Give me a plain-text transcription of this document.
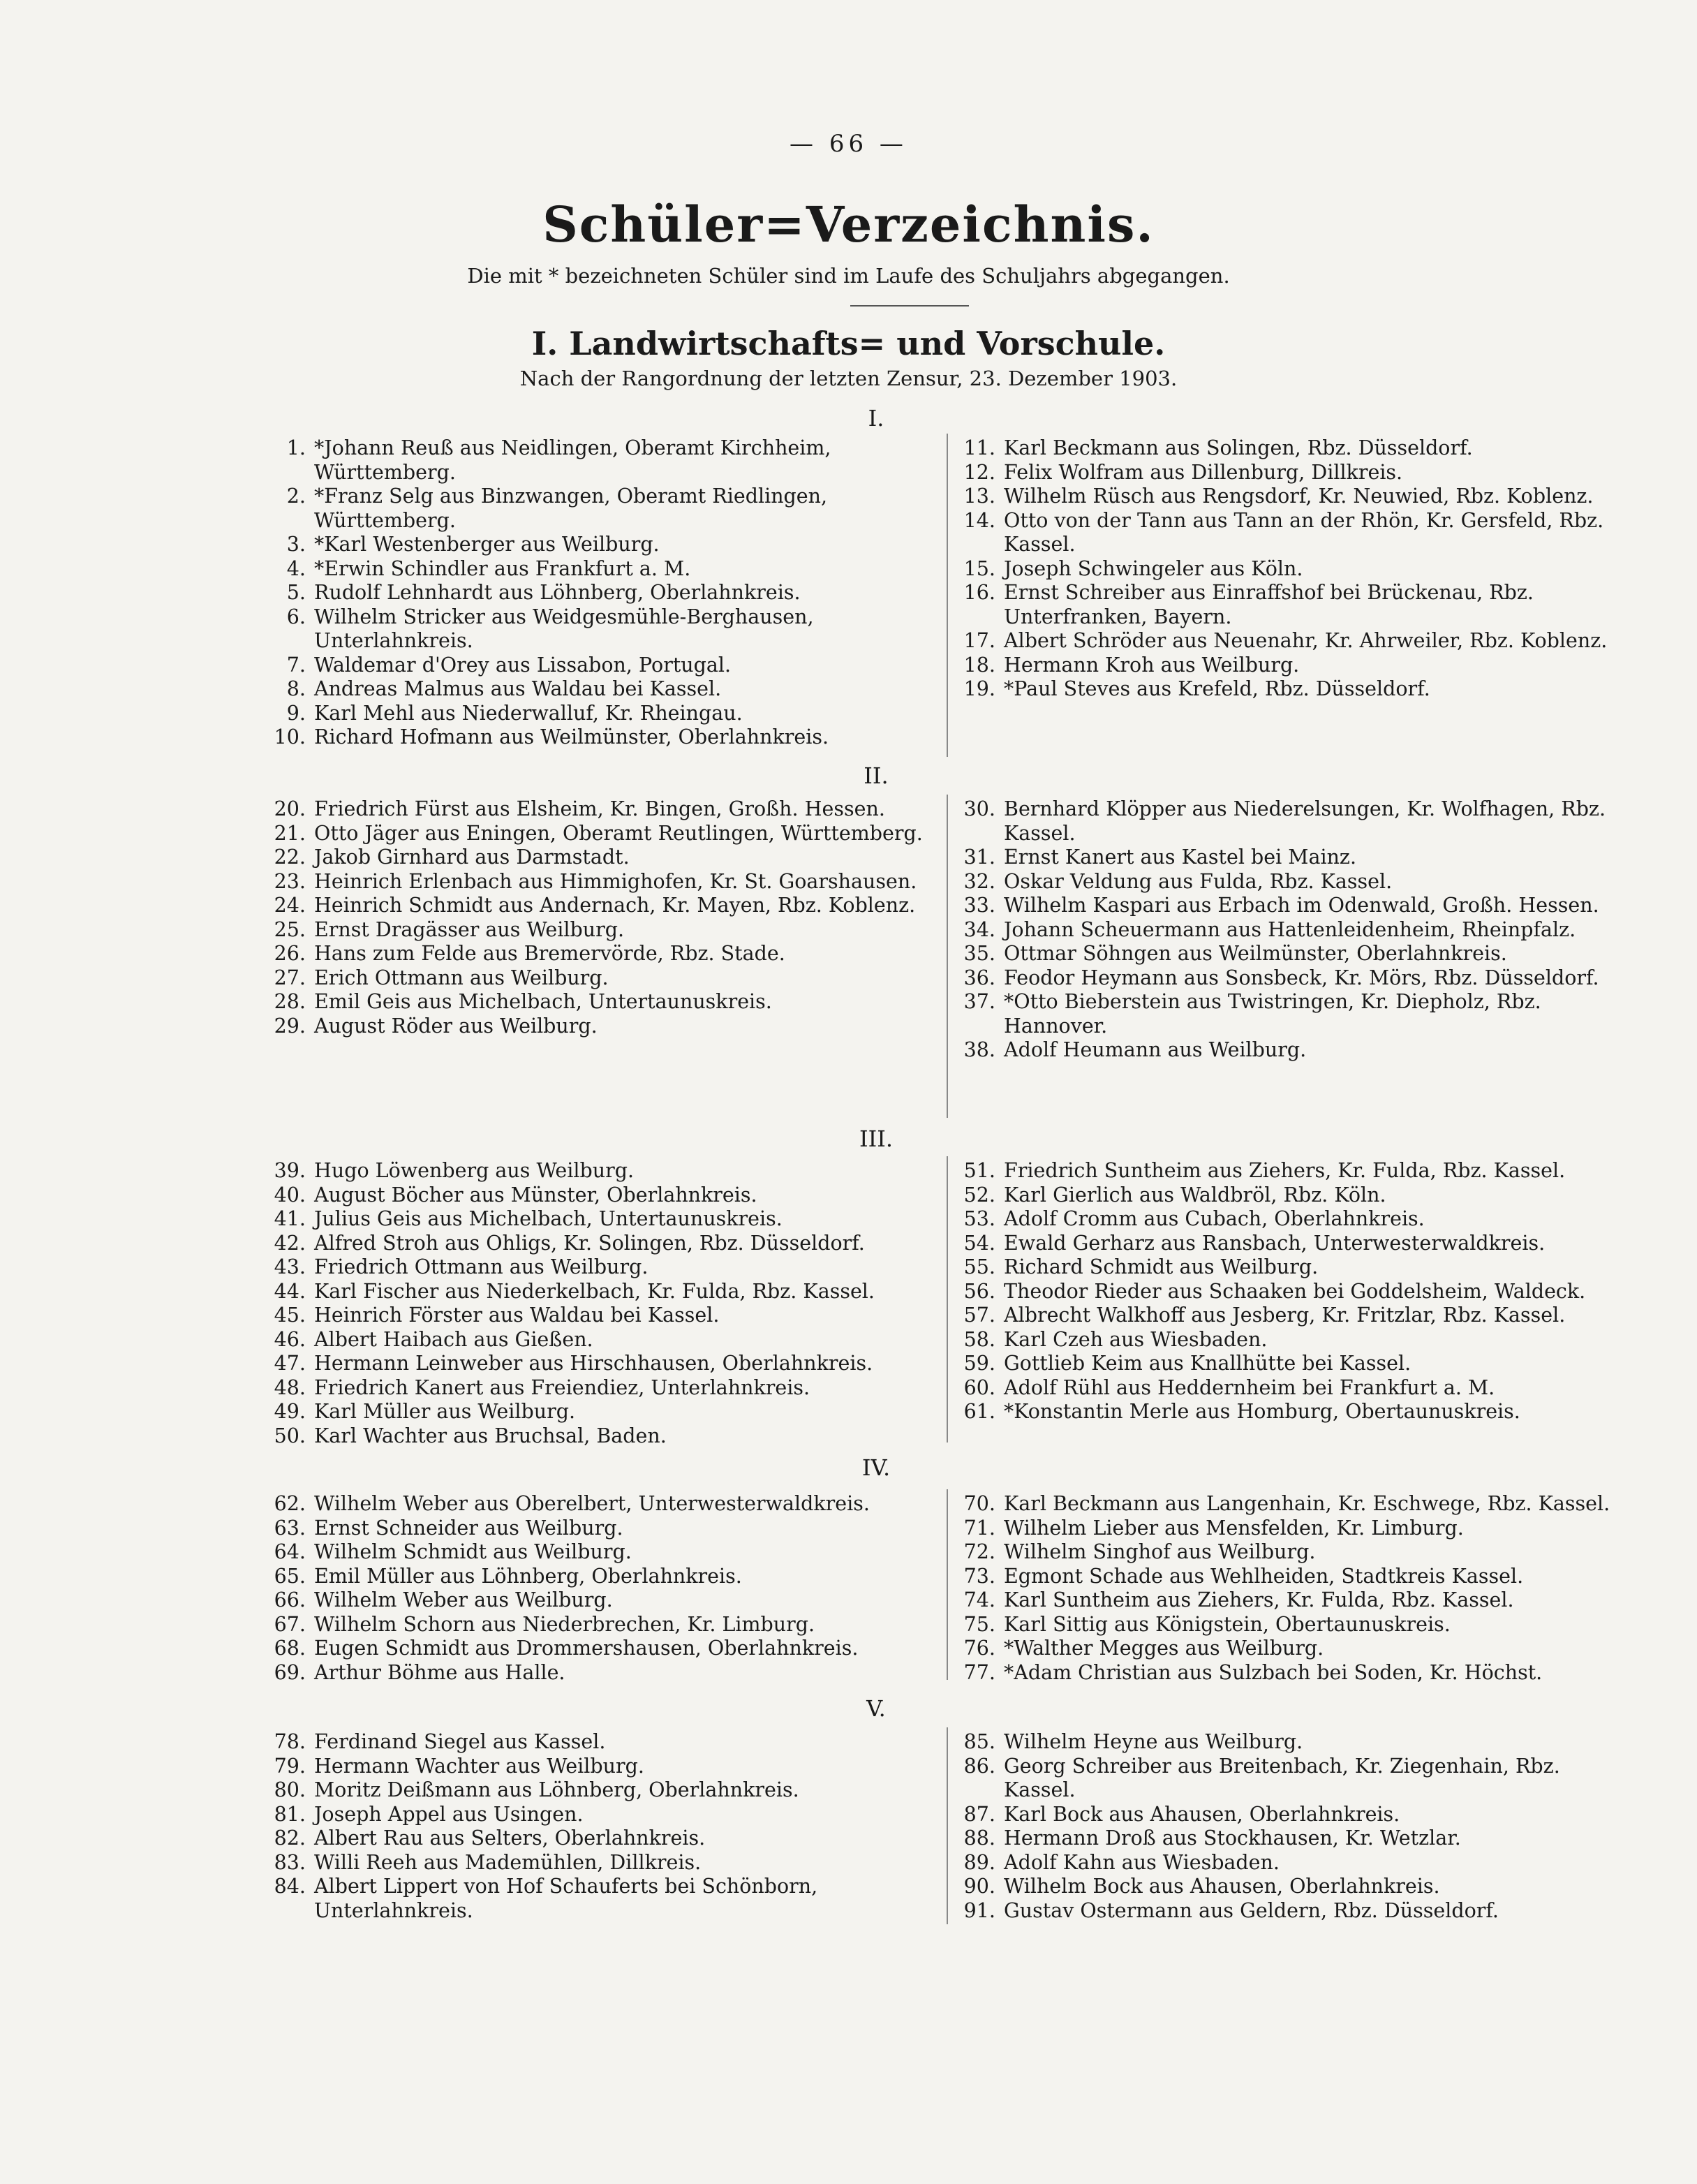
— 66 —
Schüler=Verzeichnis.
Die mit * bezeichneten Schüler sind im Laufe des Schuljahrs abgegangen.
I. Landwirtschafts= und Vorschule.
Nach der Rangordnung der letzten Zensur, 23. Dezember 1903.
I.
1. *Johann Reuß aus Neidlingen, Oberamt Kirchheim, Württemberg.
2. *Franz Selg aus Binzwangen, Oberamt Riedlingen, Württemberg.
3. *Karl Westenberger aus Weilburg.
4. *Erwin Schindler aus Frankfurt a. M.
5. Rudolf Lehnhardt aus Löhnberg, Oberlahnkreis.
6. Wilhelm Stricker aus Weidgesmühle-Berghausen, Unterlahnkreis.
7. Waldemar d'Orey aus Lissabon, Portugal.
8. Andreas Malmus aus Waldau bei Kassel.
9. Karl Mehl aus Niederwalluf, Kr. Rheingau.
10. Richard Hofmann aus Weilmünster, Oberlahnkreis.
11. Karl Beckmann aus Solingen, Rbz. Düsseldorf.
12. Felix Wolfram aus Dillenburg, Dillkreis.
13. Wilhelm Rüsch aus Rengsdorf, Kr. Neuwied, Rbz. Koblenz.
14. Otto von der Tann aus Tann an der Rhön, Kr. Gersfeld, Rbz. Kassel.
15. Joseph Schwingeler aus Köln.
16. Ernst Schreiber aus Einraffshof bei Brückenau, Rbz. Unterfranken, Bayern.
17. Albert Schröder aus Neuenahr, Kr. Ahrweiler, Rbz. Koblenz.
18. Hermann Kroh aus Weilburg.
19. *Paul Steves aus Krefeld, Rbz. Düsseldorf.
II.
20. Friedrich Fürst aus Elsheim, Kr. Bingen, Großh. Hessen.
21. Otto Jäger aus Eningen, Oberamt Reutlingen, Württemberg.
22. Jakob Girnhard aus Darmstadt.
23. Heinrich Erlenbach aus Himmighofen, Kr. St. Goarshausen.
24. Heinrich Schmidt aus Andernach, Kr. Mayen, Rbz. Koblenz.
25. Ernst Dragässer aus Weilburg.
26. Hans zum Felde aus Bremervörde, Rbz. Stade.
27. Erich Ottmann aus Weilburg.
28. Emil Geis aus Michelbach, Untertaunuskreis.
29. August Röder aus Weilburg.
30. Bernhard Klöpper aus Niederelsungen, Kr. Wolfhagen, Rbz. Kassel.
31. Ernst Kanert aus Kastel bei Mainz.
32. Oskar Veldung aus Fulda, Rbz. Kassel.
33. Wilhelm Kaspari aus Erbach im Odenwald, Großh. Hessen.
34. Johann Scheuermann aus Hattenleidenheim, Rheinpfalz.
35. Ottmar Söhngen aus Weilmünster, Oberlahnkreis.
36. Feodor Heymann aus Sonsbeck, Kr. Mörs, Rbz. Düsseldorf.
37. *Otto Bieberstein aus Twistringen, Kr. Diepholz, Rbz. Hannover.
38. Adolf Heumann aus Weilburg.
III.
39. Hugo Löwenberg aus Weilburg.
40. August Böcher aus Münster, Oberlahnkreis.
41. Julius Geis aus Michelbach, Untertaunuskreis.
42. Alfred Stroh aus Ohligs, Kr. Solingen, Rbz. Düsseldorf.
43. Friedrich Ottmann aus Weilburg.
44. Karl Fischer aus Niederkelbach, Kr. Fulda, Rbz. Kassel.
45. Heinrich Förster aus Waldau bei Kassel.
46. Albert Haibach aus Gießen.
47. Hermann Leinweber aus Hirschhausen, Oberlahnkreis.
48. Friedrich Kanert aus Freiendiez, Unterlahnkreis.
49. Karl Müller aus Weilburg.
50. Karl Wachter aus Bruchsal, Baden.
51. Friedrich Suntheim aus Ziehers, Kr. Fulda, Rbz. Kassel.
52. Karl Gierlich aus Waldbröl, Rbz. Köln.
53. Adolf Cromm aus Cubach, Oberlahnkreis.
54. Ewald Gerharz aus Ransbach, Unterwesterwaldkreis.
55. Richard Schmidt aus Weilburg.
56. Theodor Rieder aus Schaaken bei Goddelsheim, Waldeck.
57. Albrecht Walkhoff aus Jesberg, Kr. Fritzlar, Rbz. Kassel.
58. Karl Czeh aus Wiesbaden.
59. Gottlieb Keim aus Knallhütte bei Kassel.
60. Adolf Rühl aus Heddernheim bei Frankfurt a. M.
61. *Konstantin Merle aus Homburg, Obertaunuskreis.
IV.
62. Wilhelm Weber aus Oberelbert, Unterwesterwaldkreis.
63. Ernst Schneider aus Weilburg.
64. Wilhelm Schmidt aus Weilburg.
65. Emil Müller aus Löhnberg, Oberlahnkreis.
66. Wilhelm Weber aus Weilburg.
67. Wilhelm Schorn aus Niederbrechen, Kr. Limburg.
68. Eugen Schmidt aus Drommershausen, Oberlahnkreis.
69. Arthur Böhme aus Halle.
70. Karl Beckmann aus Langenhain, Kr. Eschwege, Rbz. Kassel.
71. Wilhelm Lieber aus Mensfelden, Kr. Limburg.
72. Wilhelm Singhof aus Weilburg.
73. Egmont Schade aus Wehlheiden, Stadtkreis Kassel.
74. Karl Suntheim aus Ziehers, Kr. Fulda, Rbz. Kassel.
75. Karl Sittig aus Königstein, Obertaunuskreis.
76. *Walther Megges aus Weilburg.
77. *Adam Christian aus Sulzbach bei Soden, Kr. Höchst.
V.
78. Ferdinand Siegel aus Kassel.
79. Hermann Wachter aus Weilburg.
80. Moritz Deißmann aus Löhnberg, Oberlahnkreis.
81. Joseph Appel aus Usingen.
82. Albert Rau aus Selters, Oberlahnkreis.
83. Willi Reeh aus Mademühlen, Dillkreis.
84. Albert Lippert von Hof Schauferts bei Schönborn, Unterlahnkreis.
85. Wilhelm Heyne aus Weilburg.
86. Georg Schreiber aus Breitenbach, Kr. Ziegenhain, Rbz. Kassel.
87. Karl Bock aus Ahausen, Oberlahnkreis.
88. Hermann Droß aus Stockhausen, Kr. Wetzlar.
89. Adolf Kahn aus Wiesbaden.
90. Wilhelm Bock aus Ahausen, Oberlahnkreis.
91. Gustav Ostermann aus Geldern, Rbz. Düsseldorf.
